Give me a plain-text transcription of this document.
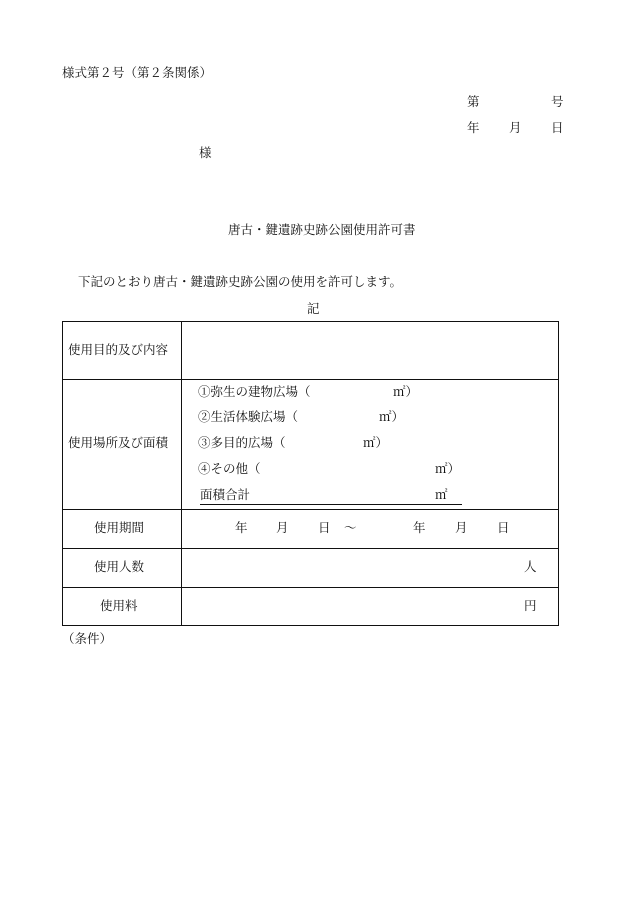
様式第２号（第２条関係）
第	号
年 月 日
様
唐古・鍵遺跡史跡公園使用許可書
下記のとおり唐古・鍵遺跡史跡公園の使用を許可します。
記
使用目的及び内容
使用場所及び面積
①弥生の建物広場（	㎡）
②生活体験広場（	㎡）
③多目的広場（	㎡）
④その他（	㎡）
面積合計	㎡
使用期間	年 月 日 ～	年 月 日
使用人数	人
使用料	円
（条件）
